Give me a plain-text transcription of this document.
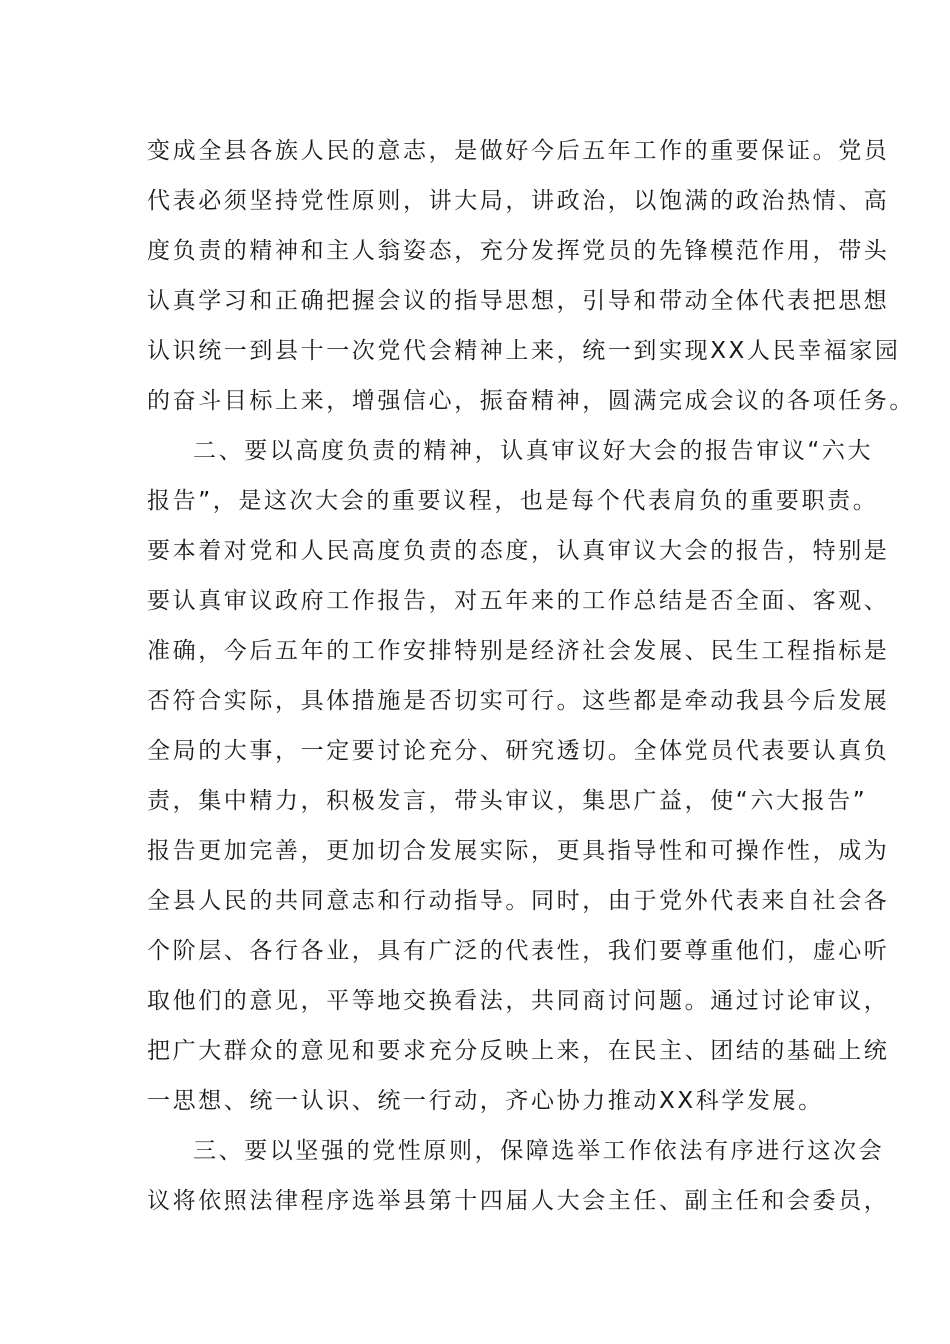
变成全县各族人民的意志，是做好今后五年工作的重要保证。党员
代表必须坚持党性原则，讲大局，讲政治，以饱满的政治热情、高
度负责的精神和主人翁姿态，充分发挥党员的先锋模范作用，带头
认真学习和正确把握会议的指导思想，引导和带动全体代表把思想
认识统一到县十一次党代会精神上来，统一到实现XX人民幸福家园
的奋斗目标上来，增强信心，振奋精神，圆满完成会议的各项任务。
二、要以高度负责的精神，认真审议好大会的报告审议“六大
报告”，是这次大会的重要议程，也是每个代表肩负的重要职责。
要本着对党和人民高度负责的态度，认真审议大会的报告，特别是
要认真审议政府工作报告，对五年来的工作总结是否全面、客观、
准确，今后五年的工作安排特别是经济社会发展、民生工程指标是
否符合实际，具体措施是否切实可行。这些都是牵动我县今后发展
全局的大事，一定要讨论充分、研究透切。全体党员代表要认真负
责，集中精力，积极发言，带头审议，集思广益，使“六大报告”
报告更加完善，更加切合发展实际，更具指导性和可操作性，成为
全县人民的共同意志和行动指导。同时，由于党外代表来自社会各
个阶层、各行各业，具有广泛的代表性，我们要尊重他们，虚心听
取他们的意见，平等地交换看法，共同商讨问题。通过讨论审议，
把广大群众的意见和要求充分反映上来，在民主、团结的基础上统
一思想、统一认识、统一行动，齐心协力推动XX科学发展。
三、要以坚强的党性原则，保障选举工作依法有序进行这次会
议将依照法律程序选举县第十四届人大会主任、副主任和会委员，
